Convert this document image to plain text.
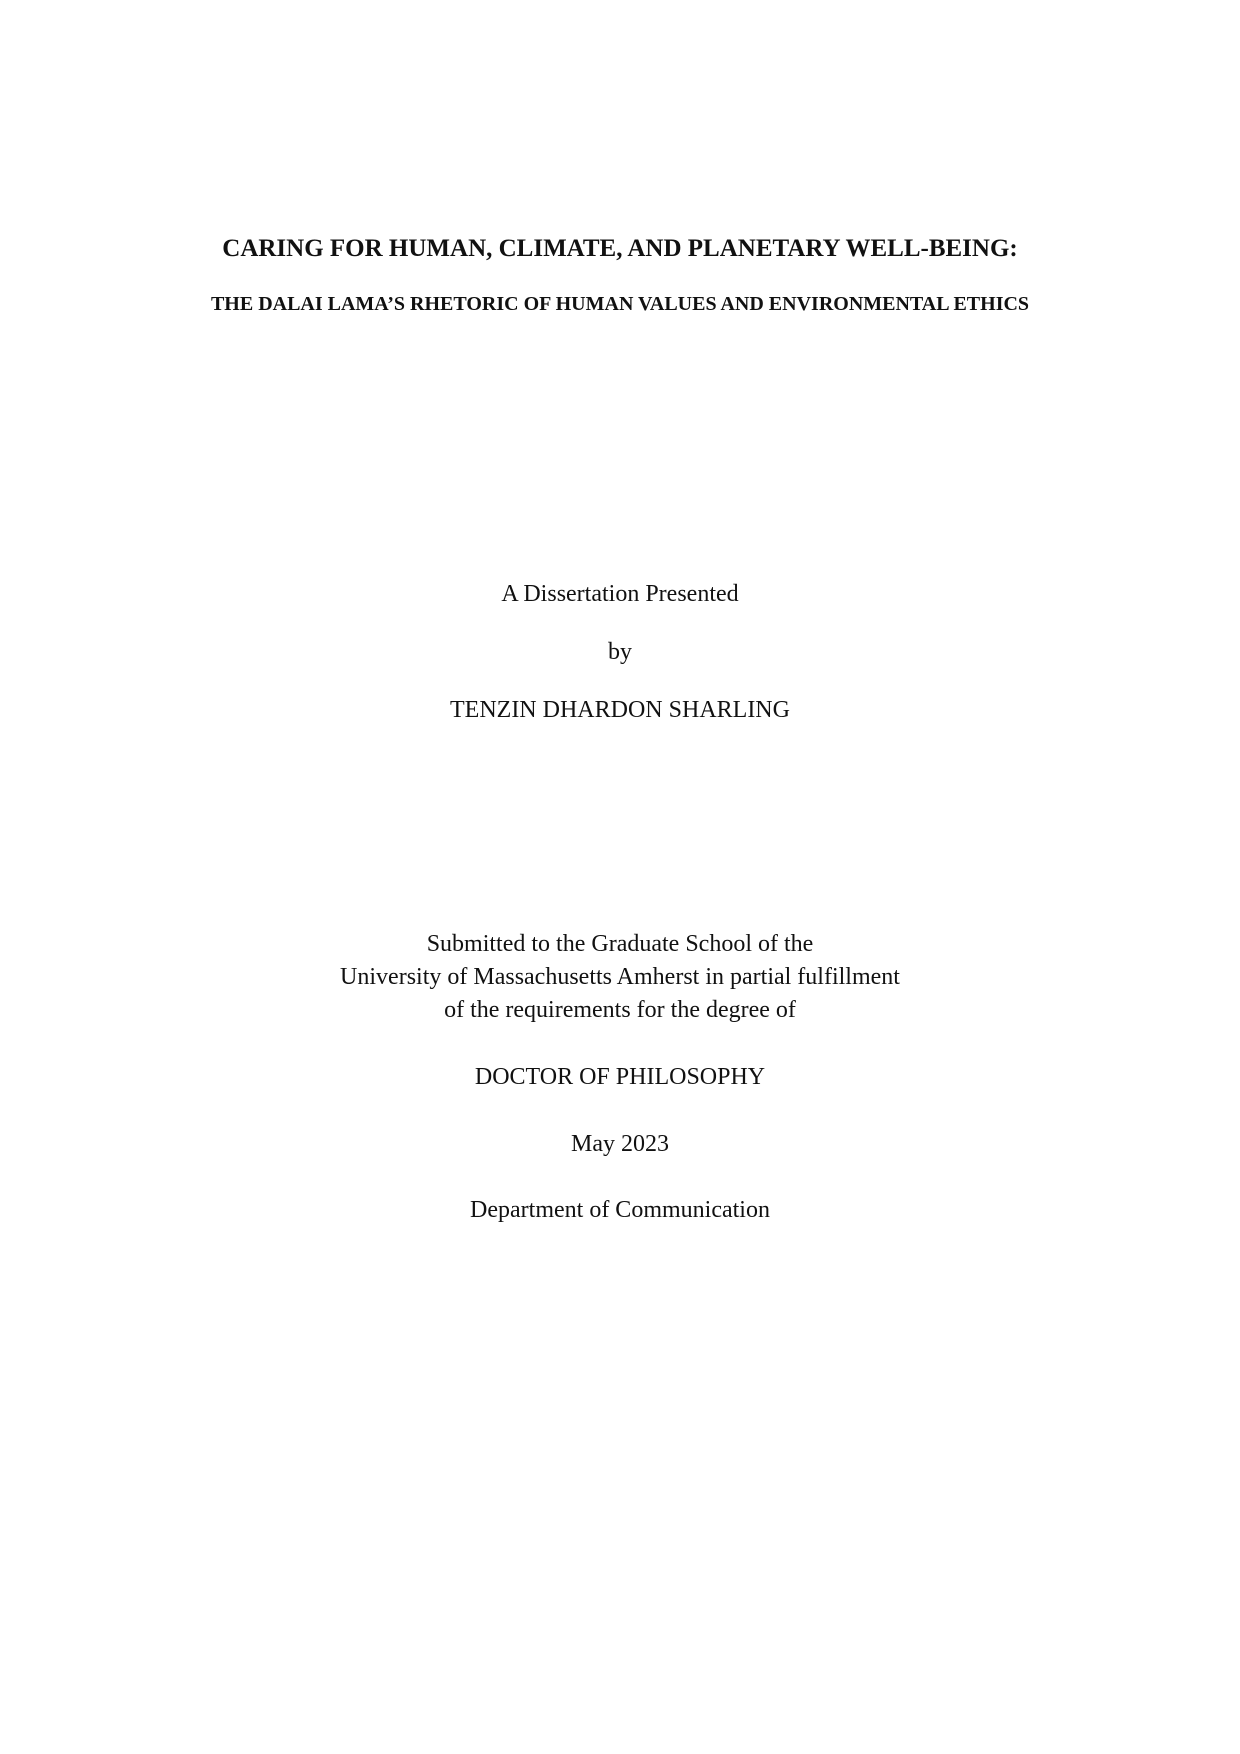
CARING FOR HUMAN, CLIMATE, AND PLANETARY WELL-BEING:
THE DALAI LAMA’S RHETORIC OF HUMAN VALUES AND ENVIRONMENTAL ETHICS
A Dissertation Presented
by
TENZIN DHARDON SHARLING
Submitted to the Graduate School of the
University of Massachusetts Amherst in partial fulfillment
of the requirements for the degree of
DOCTOR OF PHILOSOPHY
May 2023
Department of Communication
